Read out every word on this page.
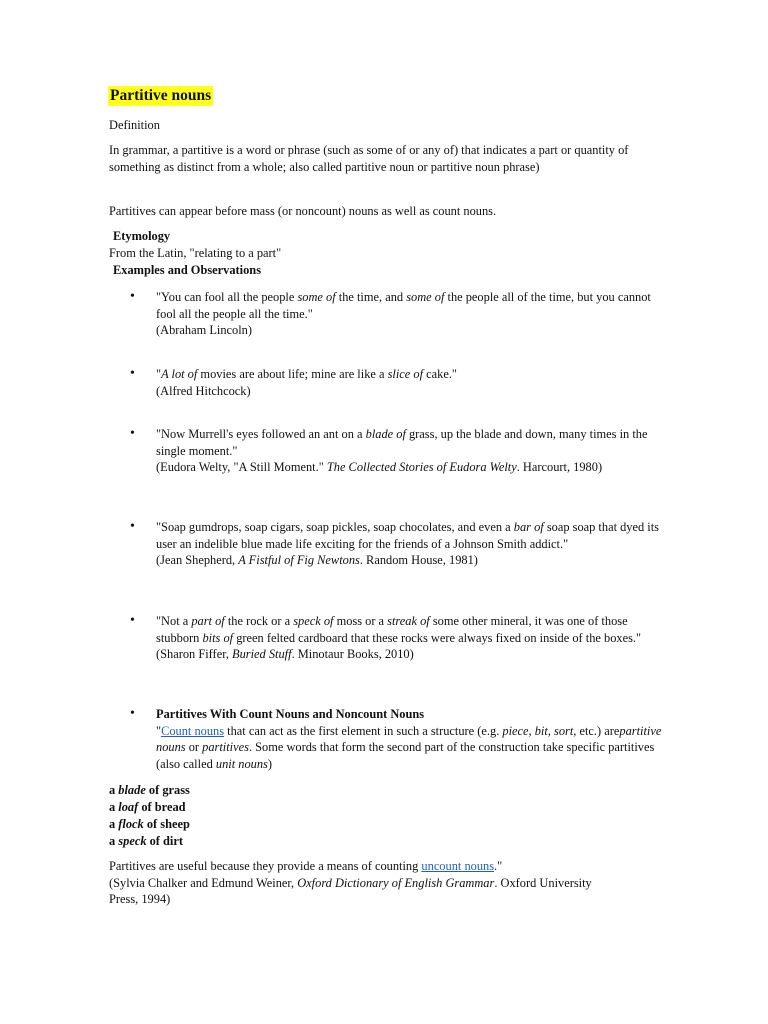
Partitive nouns
Definition
In grammar, a partitive is a word or phrase (such as some of or any of) that indicates a part or quantity of something as distinct from a whole; also called partitive noun or partitive noun phrase)
Partitives can appear before mass (or noncount) nouns as well as count nouns.
Etymology
From the Latin, "relating to a part"
Examples and Observations
• "You can fool all the people some of the time, and some of the people all of the time, but you cannot fool all the people all the time."
(Abraham Lincoln)
• "A lot of movies are about life; mine are like a slice of cake."
(Alfred Hitchcock)
• "Now Murrell's eyes followed an ant on a blade of grass, up the blade and down, many times in the single moment."
(Eudora Welty, "A Still Moment." The Collected Stories of Eudora Welty. Harcourt, 1980)
• "Soap gumdrops, soap cigars, soap pickles, soap chocolates, and even a bar of soap soap that dyed its user an indelible blue made life exciting for the friends of a Johnson Smith addict."
(Jean Shepherd, A Fistful of Fig Newtons. Random House, 1981)
• "Not a part of the rock or a speck of moss or a streak of some other mineral, it was one of those stubborn bits of green felted cardboard that these rocks were always fixed on inside of the boxes."
(Sharon Fiffer, Buried Stuff. Minotaur Books, 2010)
• Partitives With Count Nouns and Noncount Nouns
"Count nouns that can act as the first element in such a structure (e.g. piece, bit, sort, etc.) arepartitive nouns or partitives. Some words that form the second part of the construction take specific partitives (also called unit nouns)
a blade of grass
a loaf of bread
a flock of sheep
a speck of dirt
Partitives are useful because they provide a means of counting uncount nouns."
(Sylvia Chalker and Edmund Weiner, Oxford Dictionary of English Grammar. Oxford University Press, 1994)
